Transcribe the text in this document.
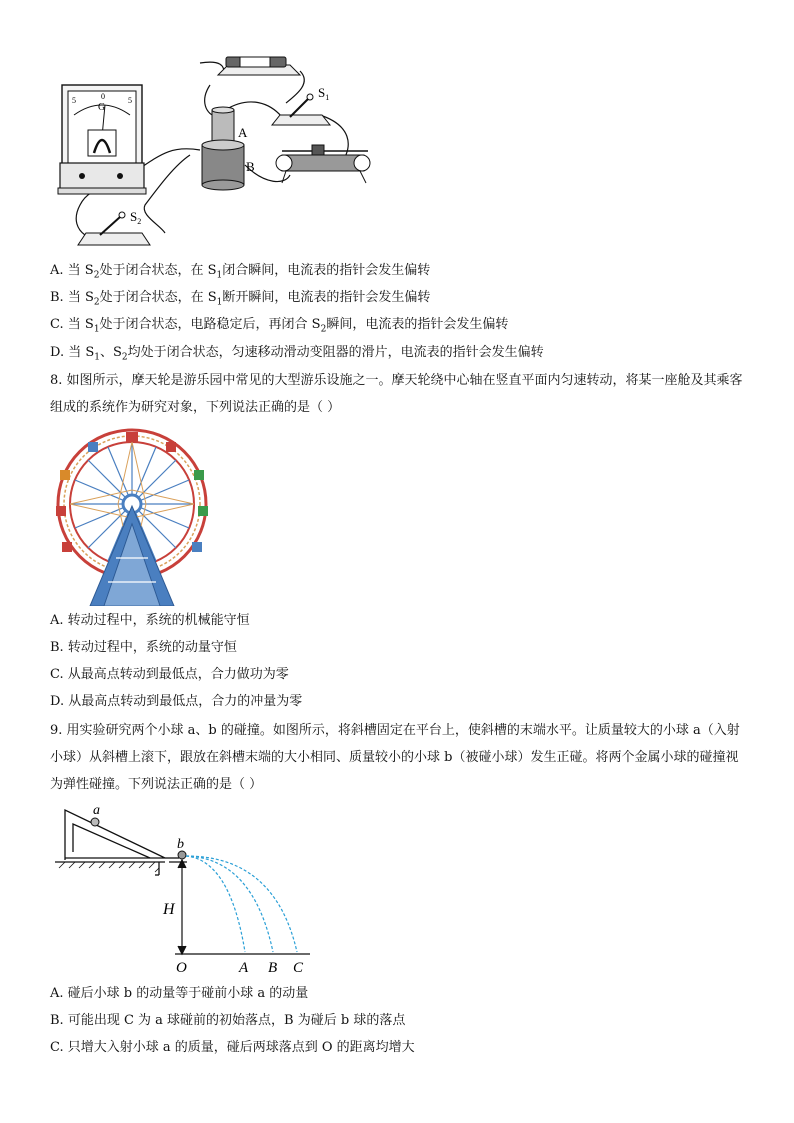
G
5	0	5
A
B
$S_1$
$S_2$
A. 当 $S_2$处于闭合状态，在 $S_1$闭合瞬间，电流表的指针会发生偏转
B. 当 $S_2$处于闭合状态，在 $S_1$断开瞬间，电流表的指针会发生偏转
C. 当 $S_1$处于闭合状态，电路稳定后，再闭合 $S_2$瞬间，电流表的指针会发生偏转
D. 当 $S_1$、$S_2$均处于闭合状态，匀速移动滑动变阻器的滑片，电流表的指针会发生偏转
8. 如图所示，摩天轮是游乐园中常见的大型游乐设施之一。摩天轮绕中心轴在竖直平面内匀速转动，将某一座舱及其乘客组成的系统作为研究对象，下列说法正确的是（ ）
A. 转动过程中，系统的机械能守恒
B. 转动过程中，系统的动量守恒
C. 从最高点转动到最低点，合力做功为零
D. 从最高点转动到最低点，合力的冲量为零
9. 用实验研究两个小球 a、b 的碰撞。如图所示，将斜槽固定在平台上，使斜槽的末端水平。让质量较大的小球 a（入射小球）从斜槽上滚下，跟放在斜槽末端的大小相同、质量较小的小球 b（被碰小球）发生正碰。将两个金属小球的碰撞视为弹性碰撞。下列说法正确的是（ ）
a
b
H
O	A B C
A. 碰后小球 b 的动量等于碰前小球 a 的动量
B. 可能出现 C 为 a 球碰前的初始落点，B 为碰后 b 球的落点
C. 只增大入射小球 a 的质量，碰后两球落点到 O 的距离均增大
